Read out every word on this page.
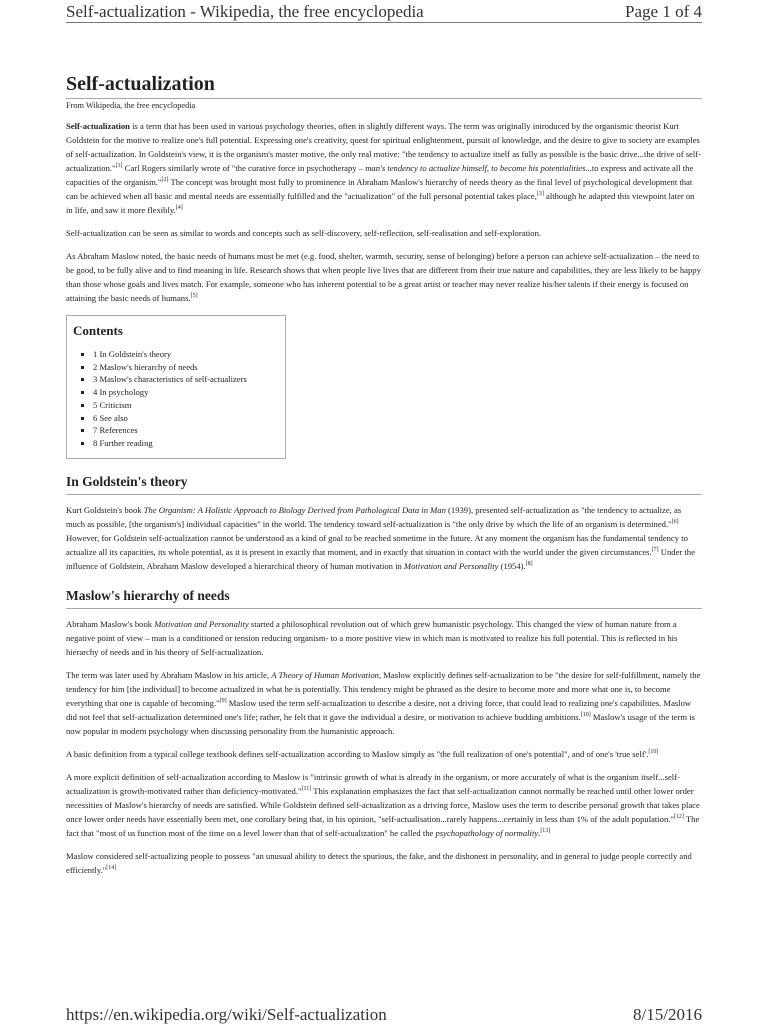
Self-actualization - Wikipedia, the free encyclopedia	Page 1 of 4
Self-actualization
From Wikipedia, the free encyclopedia

Self-actualization is a term that has been used in various psychology theories, often in slightly different ways. The term was originally introduced by the organismic theorist Kurt Goldstein for the motive to realize one's full potential. Expressing one's creativity, quest for spiritual enlightenment, pursuit of knowledge, and the desire to give to society are examples of self-actualization. In Goldstein's view, it is the organism's master motive, the only real motive: "the tendency to actualize itself as fully as possible is the basic drive...the drive of self-actualization."[1] Carl Rogers similarly wrote of "the curative force in psychotherapy – man's tendency to actualize himself, to become his potentialities...to express and activate all the capacities of the organism."[2] The concept was brought most fully to prominence in Abraham Maslow's hierarchy of needs theory as the final level of psychological development that can be achieved when all basic and mental needs are essentially fulfilled and the "actualization" of the full personal potential takes place,[3] although he adapted this viewpoint later on in life, and saw it more flexibly.[4]

Self-actualization can be seen as similar to words and concepts such as self-discovery, self-reflection, self-realisation and self-exploration.

As Abraham Maslow noted, the basic needs of humans must be met (e.g. food, shelter, warmth, security, sense of belonging) before a person can achieve self-actualization – the need to be good, to be fully alive and to find meaning in life. Research shows that when people live lives that are different from their true nature and capabilities, they are less likely to be happy than those whose goals and lives match. For example, someone who has inherent potential to be a great artist or teacher may never realize his/her talents if their energy is focused on attaining the basic needs of humans.[5]

Contents
▪ 1 In Goldstein's theory
▪ 2 Maslow's hierarchy of needs
▪ 3 Maslow's characteristics of self-actualizers
▪ 4 In psychology
▪ 5 Criticism
▪ 6 See also
▪ 7 References
▪ 8 Further reading
In Goldstein's theory

Kurt Goldstein's book The Organism: A Holistic Approach to Biology Derived from Pathological Data in Man (1939), presented self-actualization as "the tendency to actualize, as much as possible, [the organism's] individual capacities" in the world. The tendency toward self-actualization is "the only drive by which the life of an organism is determined."[6] However, for Goldstein self-actualization cannot be understood as a kind of goal to be reached sometime in the future. At any moment the organism has the fundamental tendency to actualize all its capacities, its whole potential, as it is present in exactly that moment, and in exactly that situation in contact with the world under the given circumstances.[7] Under the influence of Goldstein, Abraham Maslow developed a hierarchical theory of human motivation in Motivation and Personality (1954).[8]

Maslow's hierarchy of needs

Abraham Maslow's book Motivation and Personality started a philosophical revolution out of which grew humanistic psychology. This changed the view of human nature from a negative point of view – man is a conditioned or tension reducing organism- to a more positive view in which man is motivated to realize his full potential. This is reflected in his hierarchy of needs and in his theory of Self-actualization.

The term was later used by Abraham Maslow in his article, A Theory of Human Motivation, Maslow explicitly defines self-actualization to be "the desire for self-fulfillment, namely the tendency for him [the individual] to become actualized in what he is potentially. This tendency might be phrased as the desire to become more and more what one is, to become everything that one is capable of becoming."[9] Maslow used the term self-actualization to describe a desire, not a driving force, that could lead to realizing one's capabilities. Maslow did not feel that self-actualization determined one's life; rather, he felt that it gave the individual a desire, or motivation to achieve budding ambitions.[10] Maslow's usage of the term is now popular in modern psychology when discussing personality from the humanistic approach.

A basic definition from a typical college textbook defines self-actualization according to Maslow simply as "the full realization of one's potential", and of one's 'true self'.[10]

A more explicit definition of self-actualization according to Maslow is "intrinsic growth of what is already in the organism, or more accurately of what is the organism itself...self-actualization is growth-motivated rather than deficiency-motivated."[11] This explanation emphasizes the fact that self-actualization cannot normally be reached until other lower order necessities of Maslow's hierarchy of needs are satisfied. While Goldstein defined self-actualization as a driving force, Maslow uses the term to describe personal growth that takes place once lower order needs have essentially been met, one corollary being that, in his opinion, "self-actualisation...rarely happens...certainly in less than 1% of the adult population."[12] The fact that "most of us function most of the time on a level lower than that of self-actualization" he called the psychopathology of normality.[13]

Maslow considered self-actualizing people to possess "an unusual ability to detect the spurious, the fake, and the dishonest in personality, and in general to judge people correctly and efficiently."[14]

https://en.wikipedia.org/wiki/Self-actualization	8/15/2016
